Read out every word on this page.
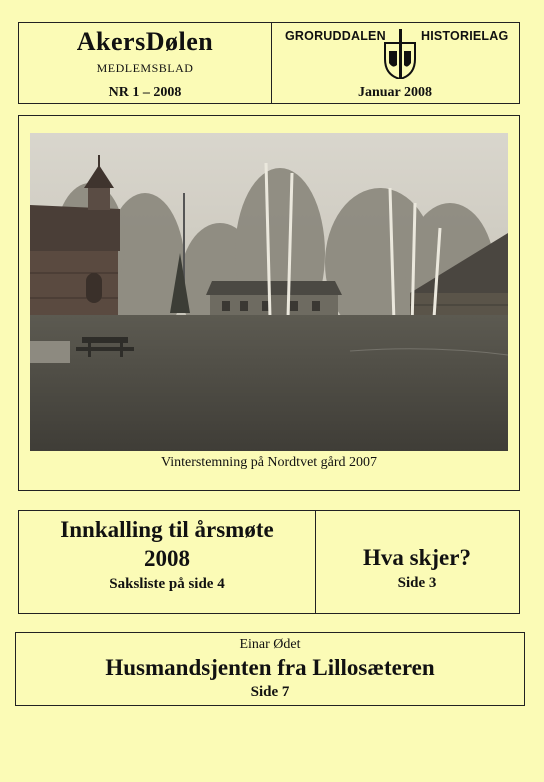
AkersDølen
MEDLEMSBLAD
NR 1 – 2008
GRORUDDALEN	HISTORIELAG
Januar 2008
Vinterstemning på Nordtvet gård 2007
Innkalling til årsmøte
2008
Saksliste på side 4
Hva skjer?
Side 3
Einar Ødet
Husmandsjenten fra Lillosæteren
Side 7
